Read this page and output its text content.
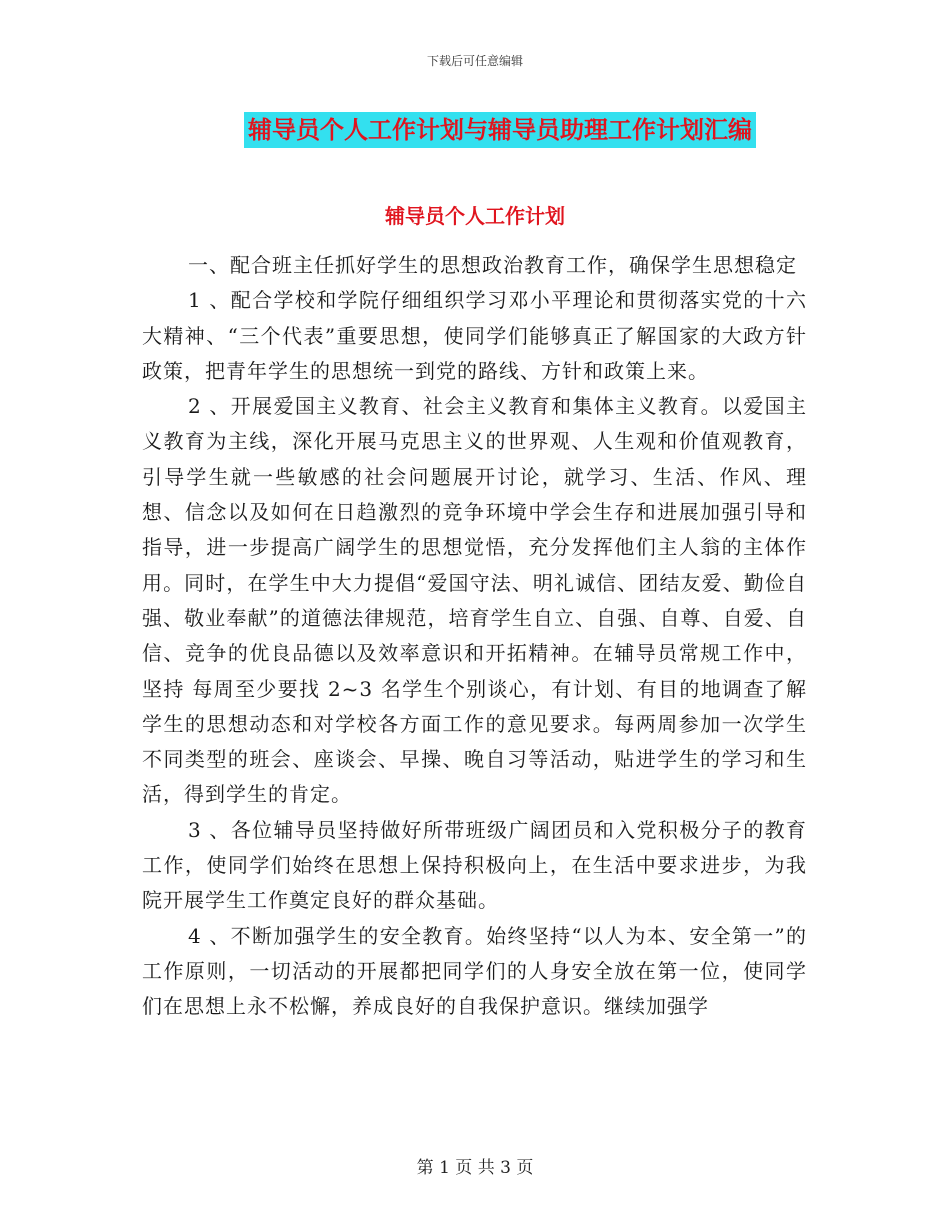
下载后可任意编辑
辅导员个人工作计划与辅导员助理工作计划汇编
辅导员个人工作计划

一、配合班主任抓好学生的思想政治教育工作，确保学生思想稳定

1 、配合学校和学院仔细组织学习邓小平理论和贯彻落实党的十六大精神、“三个代表”重要思想，使同学们能够真正了解国家的大政方针政策，把青年学生的思想统一到党的路线、方针和政策上来。

2 、开展爱国主义教育、社会主义教育和集体主义教育。以爱国主义教育为主线，深化开展马克思主义的世界观、人生观和价值观教育，引导学生就一些敏感的社会问题展开讨论，就学习、生活、作风、理想、信念以及如何在日趋激烈的竞争环境中学会生存和进展加强引导和指导，进一步提高广阔学生的思想觉悟，充分发挥他们主人翁的主体作用。同时，在学生中大力提倡“爱国守法、明礼诚信、团结友爱、勤俭自强、敬业奉献”的道德法律规范，培育学生自立、自强、自尊、自爱、自信、竞争的优良品德以及效率意识和开拓精神。在辅导员常规工作中，坚持 每周至少要找 2~3 名学生个别谈心，有计划、有目的地调查了解学生的思想动态和对学校各方面工作的意见要求。每两周参加一次学生不同类型的班会、座谈会、早操、晚自习等活动，贴进学生的学习和生活，得到学生的肯定。

3 、各位辅导员坚持做好所带班级广阔团员和入党积极分子的教育工作，使同学们始终在思想上保持积极向上，在生活中要求进步，为我院开展学生工作奠定良好的群众基础。

4 、不断加强学生的安全教育。始终坚持“以人为本、安全第一”的工作原则，一切活动的开展都把同学们的人身安全放在第一位，使同学们在思想上永不松懈，养成良好的自我保护意识。继续加强学

第 1 页 共 3 页
